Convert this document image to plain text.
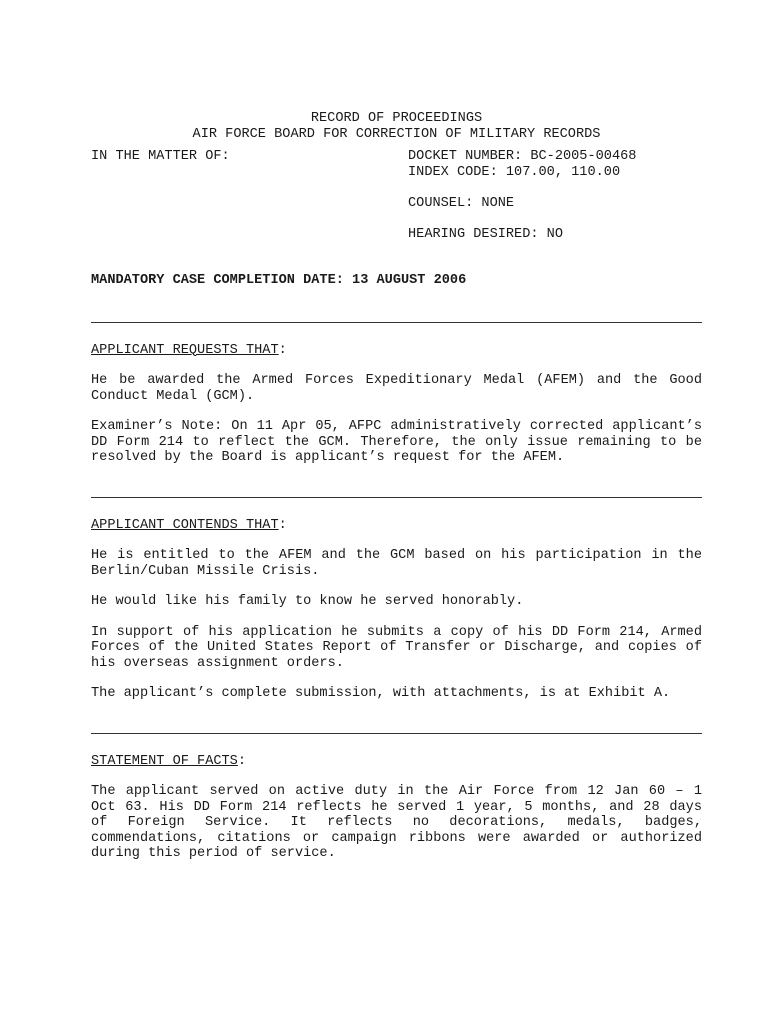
RECORD OF PROCEEDINGS
AIR FORCE BOARD FOR CORRECTION OF MILITARY RECORDS
IN THE MATTER OF:	DOCKET NUMBER: BC-2005-00468
INDEX CODE: 107.00, 110.00
COUNSEL: NONE
HEARING DESIRED: NO
MANDATORY CASE COMPLETION DATE: 13 AUGUST 2006
APPLICANT REQUESTS THAT:

He be awarded the Armed Forces Expeditionary Medal (AFEM) and the Good Conduct Medal (GCM).

Examiner’s Note: On 11 Apr 05, AFPC administratively corrected applicant’s DD Form 214 to reflect the GCM. Therefore, the only issue remaining to be resolved by the Board is applicant’s request for the AFEM.

APPLICANT CONTENDS THAT:

He is entitled to the AFEM and the GCM based on his participation in the Berlin/Cuban Missile Crisis.

He would like his family to know he served honorably.

In support of his application he submits a copy of his DD Form 214, Armed Forces of the United States Report of Transfer or Discharge, and copies of his overseas assignment orders.

The applicant’s complete submission, with attachments, is at Exhibit A.

STATEMENT OF FACTS:

The applicant served on active duty in the Air Force from 12 Jan 60 – 1 Oct 63. His DD Form 214 reflects he served 1 year, 5 months, and 28 days of Foreign Service. It reflects no decorations, medals, badges, commendations, citations or campaign ribbons were awarded or authorized during this period of service.
